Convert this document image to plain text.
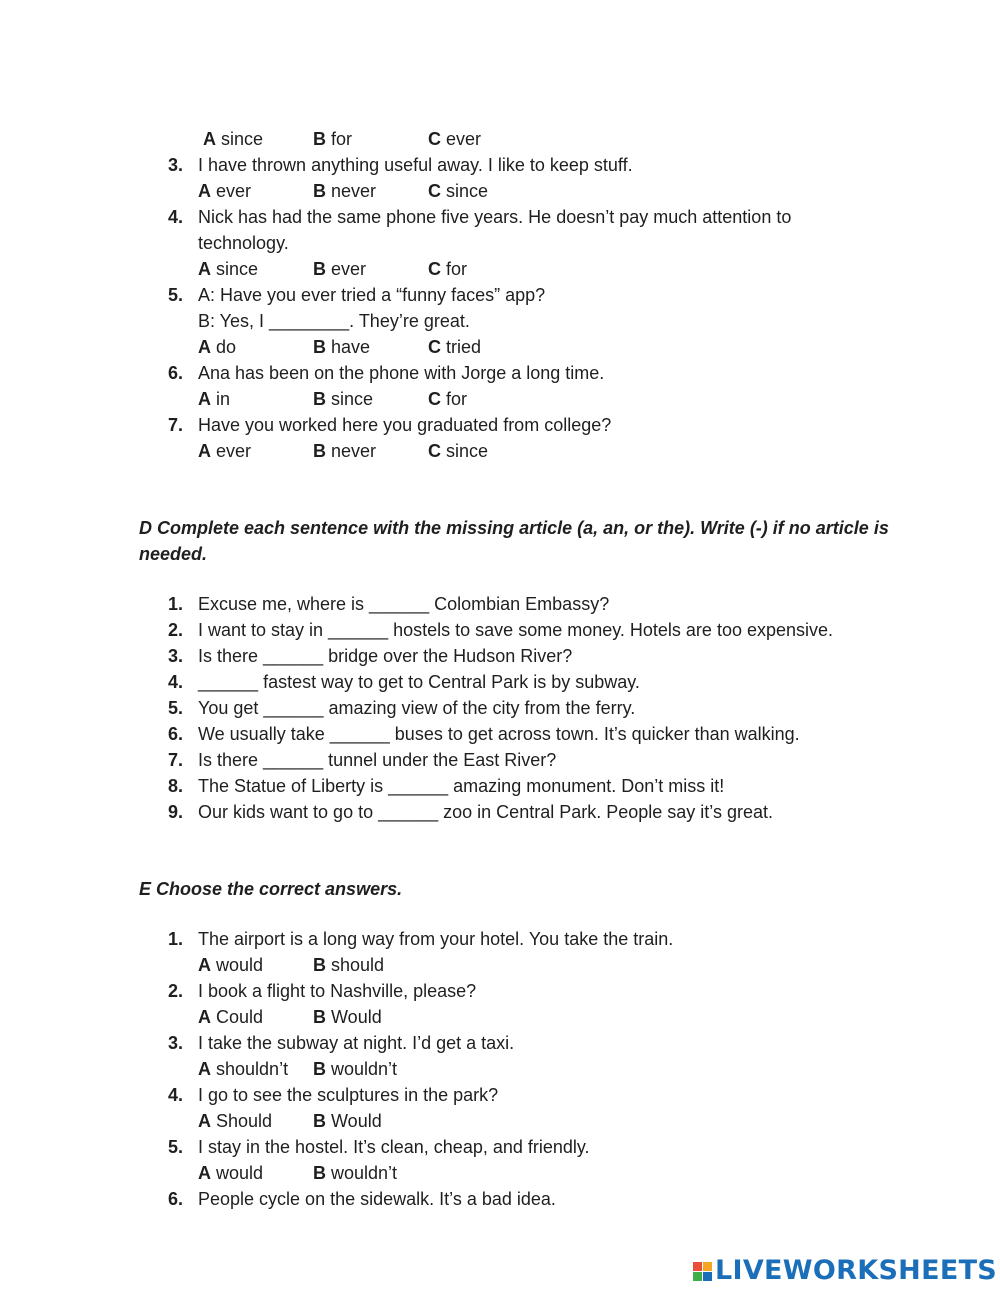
A since	B for	C ever
3. I have thrown anything useful away. I like to keep stuff.
A ever	B never	C since
4. Nick has had the same phone five years. He doesn’t pay much attention to
technology.
A since	B ever	C for
5. A: Have you ever tried a “funny faces” app?
B: Yes, I ________. They’re great.
A do	B have	C tried
6. Ana has been on the phone with Jorge a long time.
A in	B since	C for
7. Have you worked here you graduated from college?
A ever	B never	C since
D Complete each sentence with the missing article (a, an, or the). Write (-) if no article is needed.
1. Excuse me, where is ______ Colombian Embassy?
2. I want to stay in ______ hostels to save some money. Hotels are too expensive.
3. Is there ______ bridge over the Hudson River?
4. ______ fastest way to get to Central Park is by subway.
5. You get ______ amazing view of the city from the ferry.
6. We usually take ______ buses to get across town. It’s quicker than walking.
7. Is there ______ tunnel under the East River?
8. The Statue of Liberty is ______ amazing monument. Don’t miss it!
9. Our kids want to go to ______ zoo in Central Park. People say it’s great.
E Choose the correct answers.
1. The airport is a long way from your hotel. You take the train.
A would	B should
2. I book a flight to Nashville, please?
A Could	B Would
3. I take the subway at night. I’d get a taxi.
A shouldn’t B wouldn’t
4. I go to see the sculptures in the park?
A Should B Would
5. I stay in the hostel. It’s clean, cheap, and friendly.
A would	B wouldn’t
6. People cycle on the sidewalk. It’s a bad idea.
LIVEWORKSHEETS
